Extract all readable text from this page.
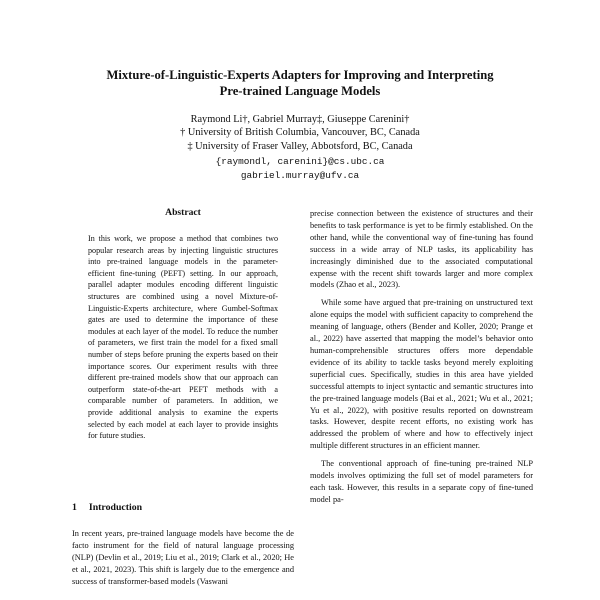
Mixture-of-Linguistic-Experts Adapters for Improving and Interpreting
Pre-trained Language Models
Raymond Li†, Gabriel Murray‡, Giuseppe Carenini†
† University of British Columbia, Vancouver, BC, Canada
‡ University of Fraser Valley, Abbotsford, BC, Canada
{raymondl, carenini}@cs.ubc.ca
gabriel.murray@ufv.ca
Abstract

In this work, we propose a method that combines two popular research areas by injecting linguistic structures into pre-trained language models in the parameter-efficient fine-tuning (PEFT) setting. In our approach, parallel adapter modules encoding different linguistic structures are combined using a novel Mixture-of-Linguistic-Experts architecture, where Gumbel-Softmax gates are used to determine the importance of these modules at each layer of the model. To reduce the number of parameters, we first train the model for a fixed small number of steps before pruning the experts based on their importance scores. Our experiment results with three different pre-trained models show that our approach can outperform state-of-the-art PEFT methods with a comparable number of parameters. In addition, we provide additional analysis to examine the experts selected by each model at each layer to provide insights for future studies.

1 Introduction

In recent years, pre-trained language models have become the de facto instrument for the field of natural language processing (NLP) (Devlin et al., 2019; Liu et al., 2019; Clark et al., 2020; He et al., 2021, 2023). This shift is largely due to the emergence and success of transformer-based models (Vaswani

precise connection between the existence of structures and their benefits to task performance is yet to be firmly established. On the other hand, while the conventional way of fine-tuning has found success in a wide array of NLP tasks, its applicability has increasingly diminished due to the associated computational expense with the recent shift towards larger and more complex models (Zhao et al., 2023).

While some have argued that pre-training on unstructured text alone equips the model with sufficient capacity to comprehend the meaning of language, others (Bender and Koller, 2020; Prange et al., 2022) have asserted that mapping the model’s behavior onto human-comprehensible structures offers more dependable evidence of its ability to tackle tasks beyond merely exploiting superficial cues. Specifically, studies in this area have yielded successful attempts to inject syntactic and semantic structures into the pre-trained language models (Bai et al., 2021; Wu et al., 2021; Yu et al., 2022), with positive results reported on downstream tasks. However, despite recent efforts, no existing work has addressed the problem of where and how to effectively inject multiple different structures in an efficient manner.

The conventional approach of fine-tuning pre-trained NLP models involves optimizing the full set of model parameters for each task. However, this results in a separate copy of fine-tuned model pa-
